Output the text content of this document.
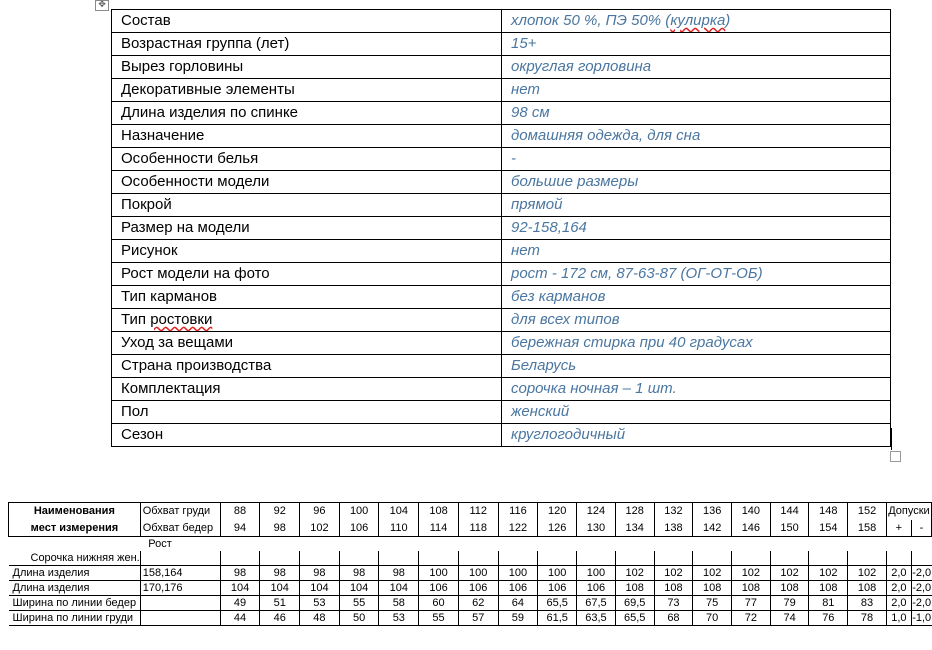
✥
Состав	хлопок 50 %, ПЭ 50% (кулирка)
Возрастная группа (лет)	15+
Вырез горловины	округлая горловина
Декоративные элементы	нет
Длина изделия по спинке	98 см
Назначение	домашняя одежда, для сна
Особенности белья	-
Особенности модели	большие размеры
Покрой	прямой
Размер на модели	92-158,164
Рисунок	нет
Рост модели на фото	рост - 172 см, 87-63-87 (ОГ-ОТ-ОБ)
Тип карманов	без карманов
Тип ростовки	для всех типов
Уход за вещами	бережная стирка при 40 градусах
Страна производства	Беларусь
Комплектация	сорочка ночная – 1 шт.
Пол	женский
Сезон	круглогодичный
Наименования	Обхват груди	88	92	96	100	104	108	112	116	120	124	128	132	136	140	144	148	152	Допуски	
мест измерения	Обхват бедер	94	98	102	106	110	114	118	122	126	130	134	138	142	146	150	154	158	+	-
	Рост																			
Сорочка нижняя жен.																				
Длина изделия	158,164	98	98	98	98	98	100	100	100	100	100	102	102	102	102	102	102	102	2,0	-2,0
Длина изделия	170,176	104	104	104	104	104	106	106	106	106	106	108	108	108	108	108	108	108	2,0	-2,0
Ширина по линии бедер		49	51	53	55	58	60	62	64	65,5	67,5	69,5	73	75	77	79	81	83	2,0	-2,0
Ширина по линии груди		44	46	48	50	53	55	57	59	61,5	63,5	65,5	68	70	72	74	76	78	1,0	-1,0
